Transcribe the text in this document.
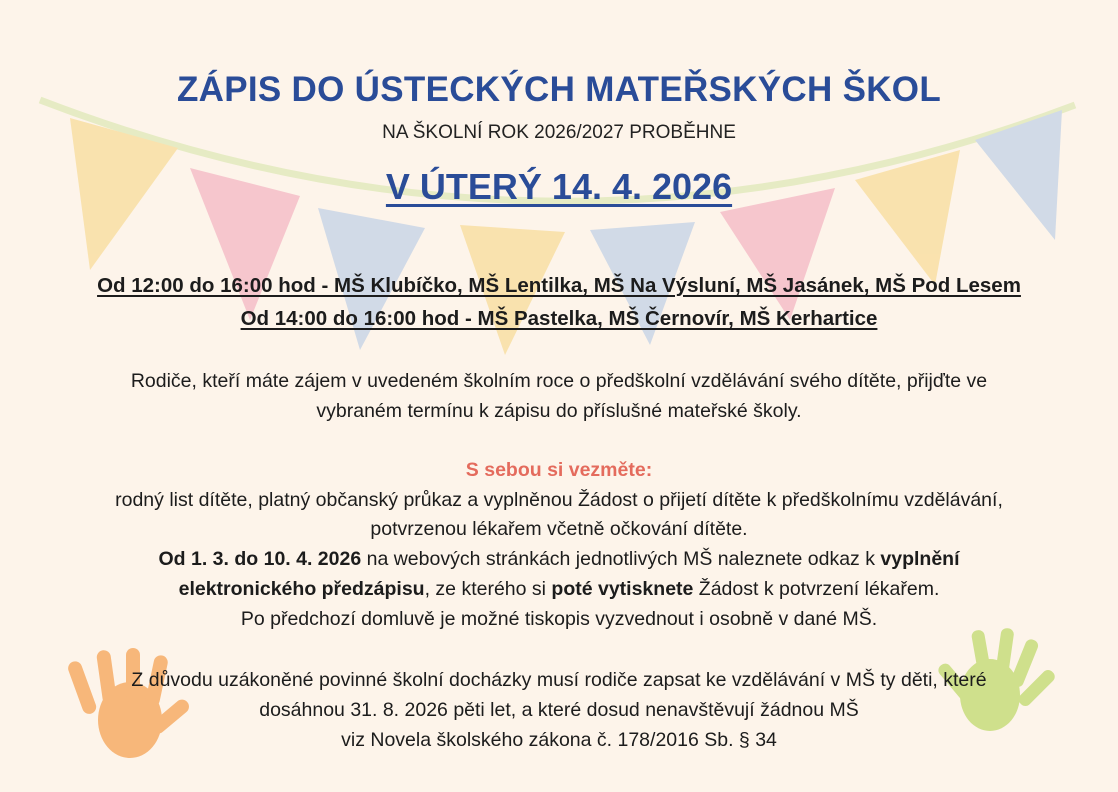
ZÁPIS DO ÚSTECKÝCH MATEŘSKÝCH ŠKOL
NA ŠKOLNÍ ROK 2026/2027 PROBĚHNE
V ÚTERÝ 14. 4. 2026
Od 12:00 do 16:00 hod - MŠ Klubíčko, MŠ Lentilka, MŠ Na Výsluní, MŠ Jasánek, MŠ Pod Lesem
Od 14:00 do 16:00 hod - MŠ Pastelka, MŠ Černovír, MŠ Kerhartice
Rodiče, kteří máte zájem v uvedeném školním roce o předškolní vzdělávání svého dítěte, přijďte ve
vybraném termínu k zápisu do příslušné mateřské školy.
S sebou si vezměte:
rodný list dítěte, platný občanský průkaz a vyplněnou Žádost o přijetí dítěte k předškolnímu vzdělávání,
potvrzenou lékařem včetně očkování dítěte.
Od 1. 3. do 10. 4. 2026 na webových stránkách jednotlivých MŠ naleznete odkaz k vyplnění
elektronického předzápisu, ze kterého si poté vytisknete Žádost k potvrzení lékařem.
Po předchozí domluvě je možné tiskopis vyzvednout i osobně v dané MŠ.
Z důvodu uzákoněné povinné školní docházky musí rodiče zapsat ke vzdělávání v MŠ ty děti, které
dosáhnou 31. 8. 2026 pěti let, a které dosud nenavštěvují žádnou MŠ
viz Novela školského zákona č. 178/2016 Sb. § 34
